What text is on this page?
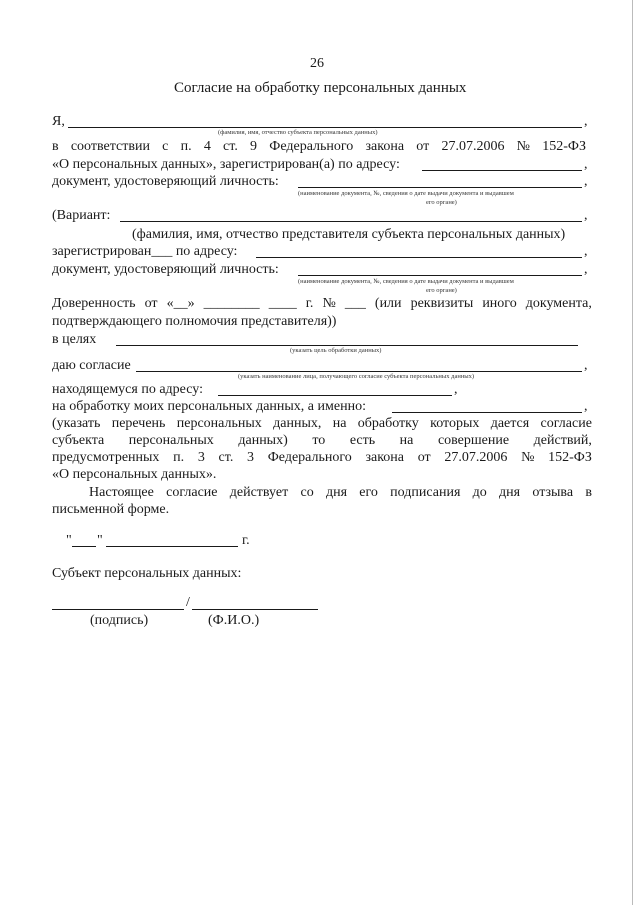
26
Согласие на обработку персональных данных
Я,	,
(фамилия, имя, отчество субъекта персональных данных)
в соответствии с п. 4 ст. 9 Федерального закона от 27.07.2006 № 152-ФЗ
«О персональных данных», зарегистрирован(а) по адресу:	,
документ, удостоверяющий личность:	,
(наименование документа, №, сведения о дате выдачи документа и выдавшем
его органе)
(Вариант:	,
(фамилия, имя, отчество представителя субъекта персональных данных)
зарегистрирован___ по адресу:	,
документ, удостоверяющий личность:	,
(наименование документа, №, сведения о дате выдачи документа и выдавшем
его органе)
Доверенность от «__» ________ ____ г. № ___ (или реквизиты иного документа,
подтверждающего полномочия представителя))
в целях
(указать цель обработки данных)
даю согласие	,
(указать наименование лица, получающего согласие субъекта персональных данных)
находящемуся по адресу:	,
на обработку моих персональных данных, а именно:	,
(указать перечень персональных данных, на обработку которых дается согласие
субъекта персональных данных) то есть на совершение действий,
предусмотренных п. 3 ст. 3 Федерального закона от 27.07.2006 № 152-ФЗ
«О персональных данных».
Настоящее согласие действует со дня его подписания до дня отзыва в
письменной форме.
" "	г.
Субъект персональных данных:
/
(подпись)	(Ф.И.О.)
